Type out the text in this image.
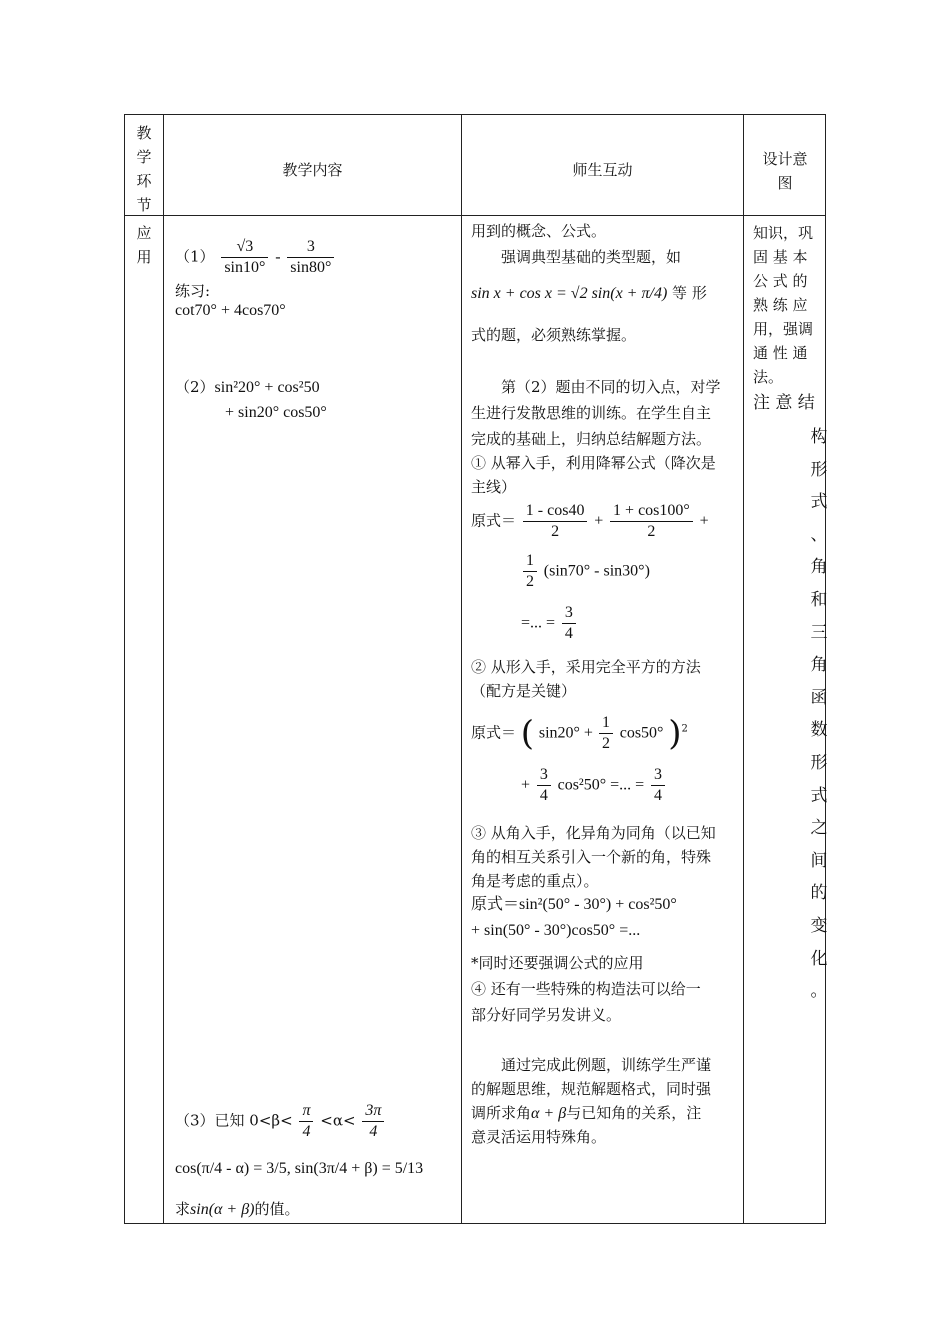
教学环节
教学内容	师生互动
设计意
图
应用 $(1) \frac{√3}{\sin 10^\circ} - \frac{3}{\sin 80^\circ}$
练习:
cot70° + 4cos70°
（2）sin²20° + cos²50
+ sin20° cos50°
（3）已知 $0<\beta< \frac{\pi}{4} <\alpha< \frac{3\pi}{4}$
cos(π/4 - α) = 3/5, sin(3π/4 + β) = 5/13
求sin(α + β)的值。
用到的概念、公式。
强调典型基础的类型题，如
sin x + cos x = √2 sin(x + π/4) 等 形
式的题，必须熟练掌握。
第（2）题由不同的切入点，对学
生进行发散思维的训练。在学生自主
完成的基础上，归纳总结解题方法。
① 从幂入手，利用降幂公式（降次是
主线）
原式＝ $\frac{1 - \cos 40}{2} + \frac{1 + \cos 100^\circ}{2}$ +
$\frac{1}{2} (\sin 70^\circ - \sin 30^\circ)$
=... = $\frac{3}{4}$
② 从形入手，采用完全平方的方法
（配方是关键）
原式＝ ( $\sin 20^\circ + \frac{1}{2} \cos 50^\circ$ )$^2$
+ $\frac{3}{4} \cos^250^\circ$ =... = $\frac{3}{4}$
③ 从角入手，化异角为同角（以已知
角的相互关系引入一个新的角，特殊
角是考虑的重点）。
原式＝sin²(50° - 30°) + cos²50°
+ sin(50° - 30°)cos50° =...
*同时还要强调公式的应用
④ 还有一些特殊的构造法可以给一
部分好同学另发讲义。
通过完成此例题，训练学生严谨
的解题思维，规范解题格式，同时强
调所求角α + β与已知角的关系，注
意灵活运用特殊角。
知识，巩
固 基 本
公 式 的
熟 练 应
用，强调
通 性 通
法。
注 意 结
构
形
式
、
角
和
三
角
函
数
形
式
之
间
的
变
化
。
